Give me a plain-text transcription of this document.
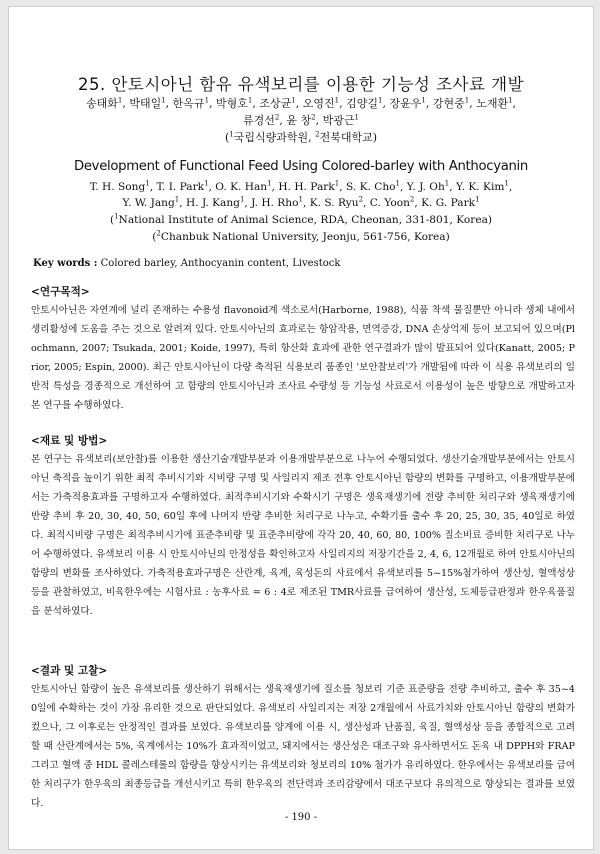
25. 안토시아닌 함유 유색보리를 이용한 기능성 조사료 개발
송태화$^1$, 박태일$^1$, 한옥규$^1$, 박형호$^1$, 조상균$^1$, 오영진$^1$, 김양길$^1$, 장윤우$^1$, 강현중$^1$, 노재환$^1$,
류경선$^2$, 윤 창$^2$, 박광근$^1$
($^1$국립식량과학원, $^2$전북대학교)
Development of Functional Feed Using Colored-barley with Anthocyanin
T. H. Song$^1$, T. I. Park$^1$, O. K. Han$^1$, H. H. Park$^1$, S. K. Cho$^1$, Y. J. Oh$^1$, Y. K. Kim$^1$,
Y. W. Jang$^1$, H. J. Kang$^1$, J. H. Rho$^1$, K. S. Ryu$^2$, C. Yoon$^2$, K. G. Park$^1$
($^1$National Institute of Animal Science, RDA, Cheonan, 331-801, Korea)
($^2$Chanbuk National University, Jeonju, 561-756, Korea)
Key words : Colored barley, Anthocyanin content, Livestock
<연구목적>
안토시아닌은 자연계에 널리 존재하는 수용성 flavonoid계 색소로서(Harborne, 1988), 식품 착색 물질뿐만 아니라 생체 내에서 생리활성에 도움을 주는 것으로 알려져 있다. 안토시아닌의 효과로는 항암작용, 면역증강, DNA 손상억제 등이 보고되어 있으며(Plochmann, 2007; Tsukada, 2001; Koide, 1997), 특히 항산화 효과에 관한 연구결과가 많이 발표되어 있다(Kanatt, 2005; Prior, 2005; Espin, 2000). 최근 안토시아닌이 다량 축적된 식용보리 품종인 '보안찰보리'가 개발됨에 따라 이 식용 유색보리의 일반적 특성을 경종적으로 개선하여 고 함량의 안토시아닌과 조사료 수량성 등 기능성 사료로서 이용성이 높은 방향으로 개발하고자 본 연구를 수행하였다.
<재료 및 방법>
본 연구는 유색보리(보안찰)를 이용한 생산기술개발부분과 이용개발부분으로 나누어 수행되었다. 생산기술개발부분에서는 안토시아닌 축적을 높이기 위한 최적 추비시기와 시비량 구명 및 사일리지 제조 전후 안토시아닌 함량의 변화를 구명하고, 이용개발부분에서는 가축적용효과를 구명하고자 수행하였다. 최적추비시기와 수확시기 구명은 생육재생기에 전량 추비한 처리구와 생육재생기에 반량 추비 후 20, 30, 40, 50, 60일 후에 나머지 반량 추비한 처리구로 나누고, 수확기를 출수 후 20, 25, 30, 35, 40일로 하였다. 최적시비량 구명은 최적추비시기에 표준추비량 및 표준추비량에 각각 20, 40, 60, 80, 100% 질소비료 증비한 처리구로 나누어 수행하였다. 유색보리 이용 시 안토시아닌의 안정성을 확인하고자 사일리지의 저장기간을 2, 4, 6, 12개월로 하여 안토시아닌의 함량의 변화를 조사하였다. 가축적용효과구명은 산란계, 육계, 육성돈의 사료에서 유색보리를 5~15%첨가하여 생산성, 혈액성상 등을 관찰하였고, 비육한우에는 시험사료 : 농후사료 = 6 : 4로 제조된 TMR사료를 급여하여 생산성, 도체등급판정과 한우육품질을 분석하였다.
<결과 및 고찰>
안토시아닌 함량이 높은 유색보리를 생산하기 위해서는 생육재생기에 질소를 청보리 기준 표준량을 전량 추비하고, 출수 후 35~40일에 수확하는 것이 가장 유리한 것으로 판단되었다. 유색보리 사일리지는 저장 2개월에서 사료가치와 안토시아닌 함량의 변화가 컸으나, 그 이후로는 안정적인 결과를 보였다. 유색보리를 양계에 이용 시, 생산성과 난품질, 육질, 혈액성상 등을 종합적으로 고려할 때 산란계에서는 5%, 육계에서는 10%가 효과적이었고, 돼지에서는 생산성은 대조구와 유사하면서도 돈육 내 DPPH와 FRAP 그리고 혈액 중 HDL 콜레스테롤의 함량을 향상시키는 유색보리와 청보리의 10% 첨가가 유리하였다. 한우에서는 유색보리를 급여한 처리구가 한우육의 최종등급을 개선시키고 특히 한우육의 전단력과 조리감량에서 대조구보다 유의적으로 향상되는 결과를 보였다.
- 190 -
